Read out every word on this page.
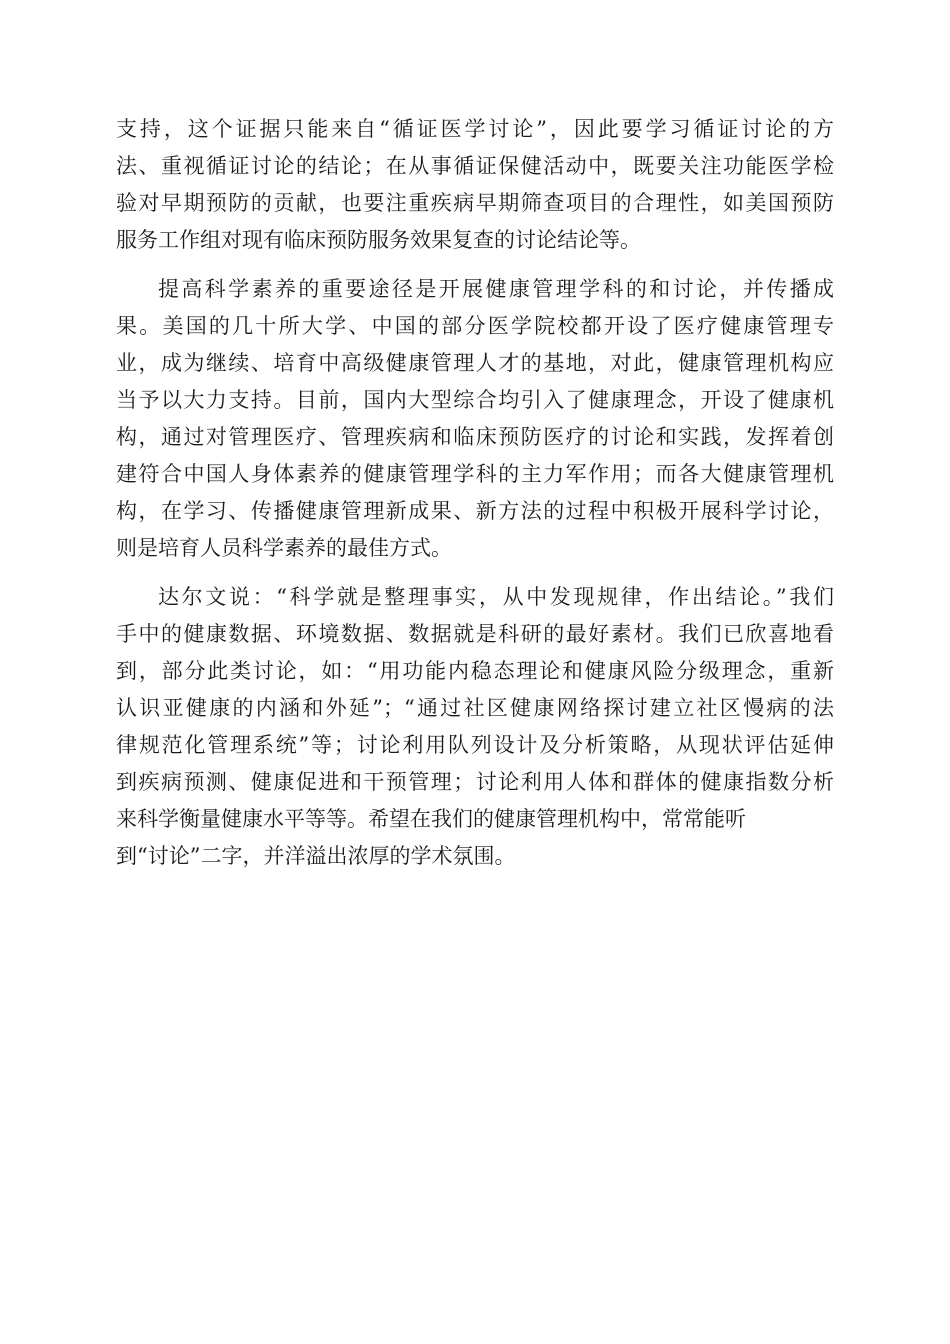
支持，这个证据只能来自“循证医学讨论”，因此要学习循证讨论的方
法、重视循证讨论的结论；在从事循证保健活动中，既要关注功能医学检
验对早期预防的贡献，也要注重疾病早期筛查项目的合理性，如美国预防
服务工作组对现有临床预防服务效果复查的讨论结论等。
提高科学素养的重要途径是开展健康管理学科的和讨论，并传播成
果。美国的几十所大学、中国的部分医学院校都开设了医疗健康管理专
业，成为继续、培育中高级健康管理人才的基地，对此，健康管理机构应
当予以大力支持。目前，国内大型综合均引入了健康理念，开设了健康机
构，通过对管理医疗、管理疾病和临床预防医疗的讨论和实践，发挥着创
建符合中国人身体素养的健康管理学科的主力军作用；而各大健康管理机
构，在学习、传播健康管理新成果、新方法的过程中积极开展科学讨论，
则是培育人员科学素养的最佳方式。
达尔文说：“科学就是整理事实，从中发现规律，作出结论。”我们
手中的健康数据、环境数据、数据就是科研的最好素材。我们已欣喜地看
到，部分此类讨论，如：“用功能内稳态理论和健康风险分级理念，重新
认识亚健康的内涵和外延”；“通过社区健康网络探讨建立社区慢病的法
律规范化管理系统”等；讨论利用队列设计及分析策略，从现状评估延伸
到疾病预测、健康促进和干预管理；讨论利用人体和群体的健康指数分析
来科学衡量健康水平等等。希望在我们的健康管理机构中，常常能听
到“讨论”二字，并洋溢出浓厚的学术氛围。
